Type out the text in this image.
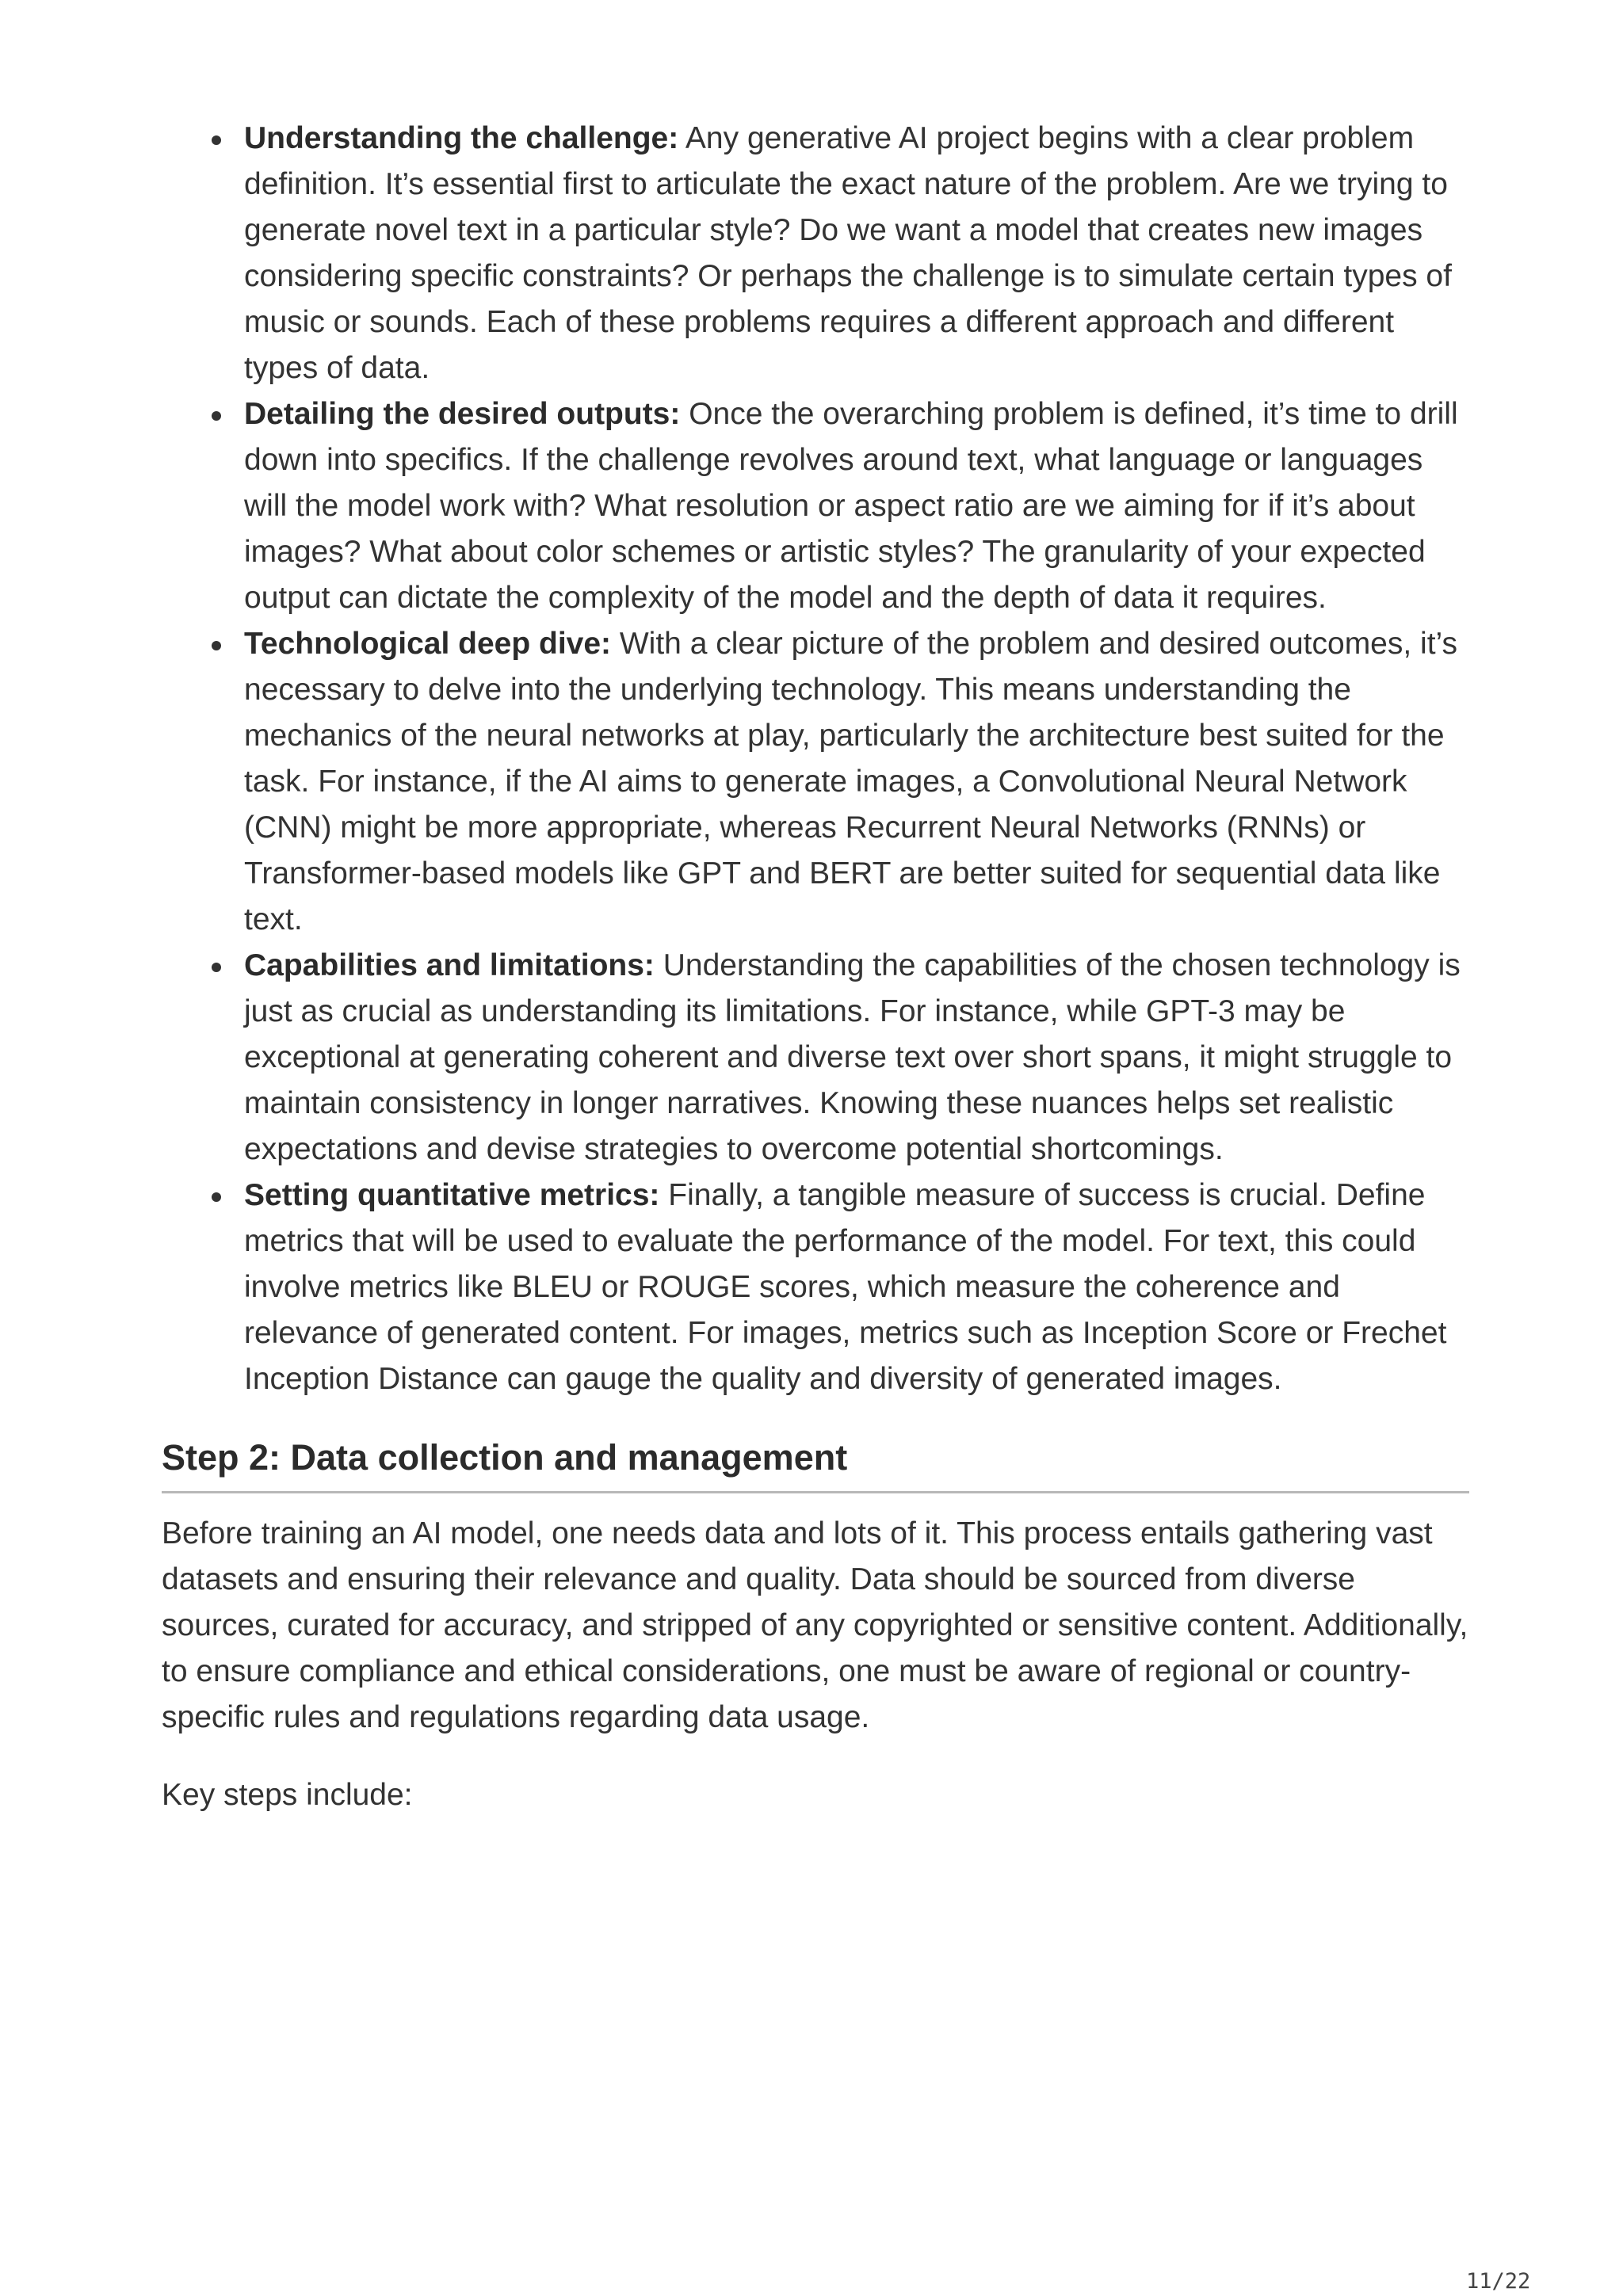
Understanding the challenge: Any generative AI project begins with a clear problem definition. It’s essential first to articulate the exact nature of the problem. Are we trying to generate novel text in a particular style? Do we want a model that creates new images considering specific constraints? Or perhaps the challenge is to simulate certain types of music or sounds. Each of these problems requires a different approach and different types of data.
Detailing the desired outputs: Once the overarching problem is defined, it’s time to drill down into specifics. If the challenge revolves around text, what language or languages will the model work with? What resolution or aspect ratio are we aiming for if it’s about images? What about color schemes or artistic styles? The granularity of your expected output can dictate the complexity of the model and the depth of data it requires.
Technological deep dive: With a clear picture of the problem and desired outcomes, it’s necessary to delve into the underlying technology. This means understanding the mechanics of the neural networks at play, particularly the architecture best suited for the task. For instance, if the AI aims to generate images, a Convolutional Neural Network (CNN) might be more appropriate, whereas Recurrent Neural Networks (RNNs) or Transformer-based models like GPT and BERT are better suited for sequential data like text.
Capabilities and limitations: Understanding the capabilities of the chosen technology is just as crucial as understanding its limitations. For instance, while GPT-3 may be exceptional at generating coherent and diverse text over short spans, it might struggle to maintain consistency in longer narratives. Knowing these nuances helps set realistic expectations and devise strategies to overcome potential shortcomings.
Setting quantitative metrics: Finally, a tangible measure of success is crucial. Define metrics that will be used to evaluate the performance of the model. For text, this could involve metrics like BLEU or ROUGE scores, which measure the coherence and relevance of generated content. For images, metrics such as Inception Score or Frechet Inception Distance can gauge the quality and diversity of generated images.
Step 2: Data collection and management

Before training an AI model, one needs data and lots of it. This process entails gathering vast datasets and ensuring their relevance and quality. Data should be sourced from diverse sources, curated for accuracy, and stripped of any copyrighted or sensitive content. Additionally, to ensure compliance and ethical considerations, one must be aware of regional or country-specific rules and regulations regarding data usage.

Key steps include:

11/22
